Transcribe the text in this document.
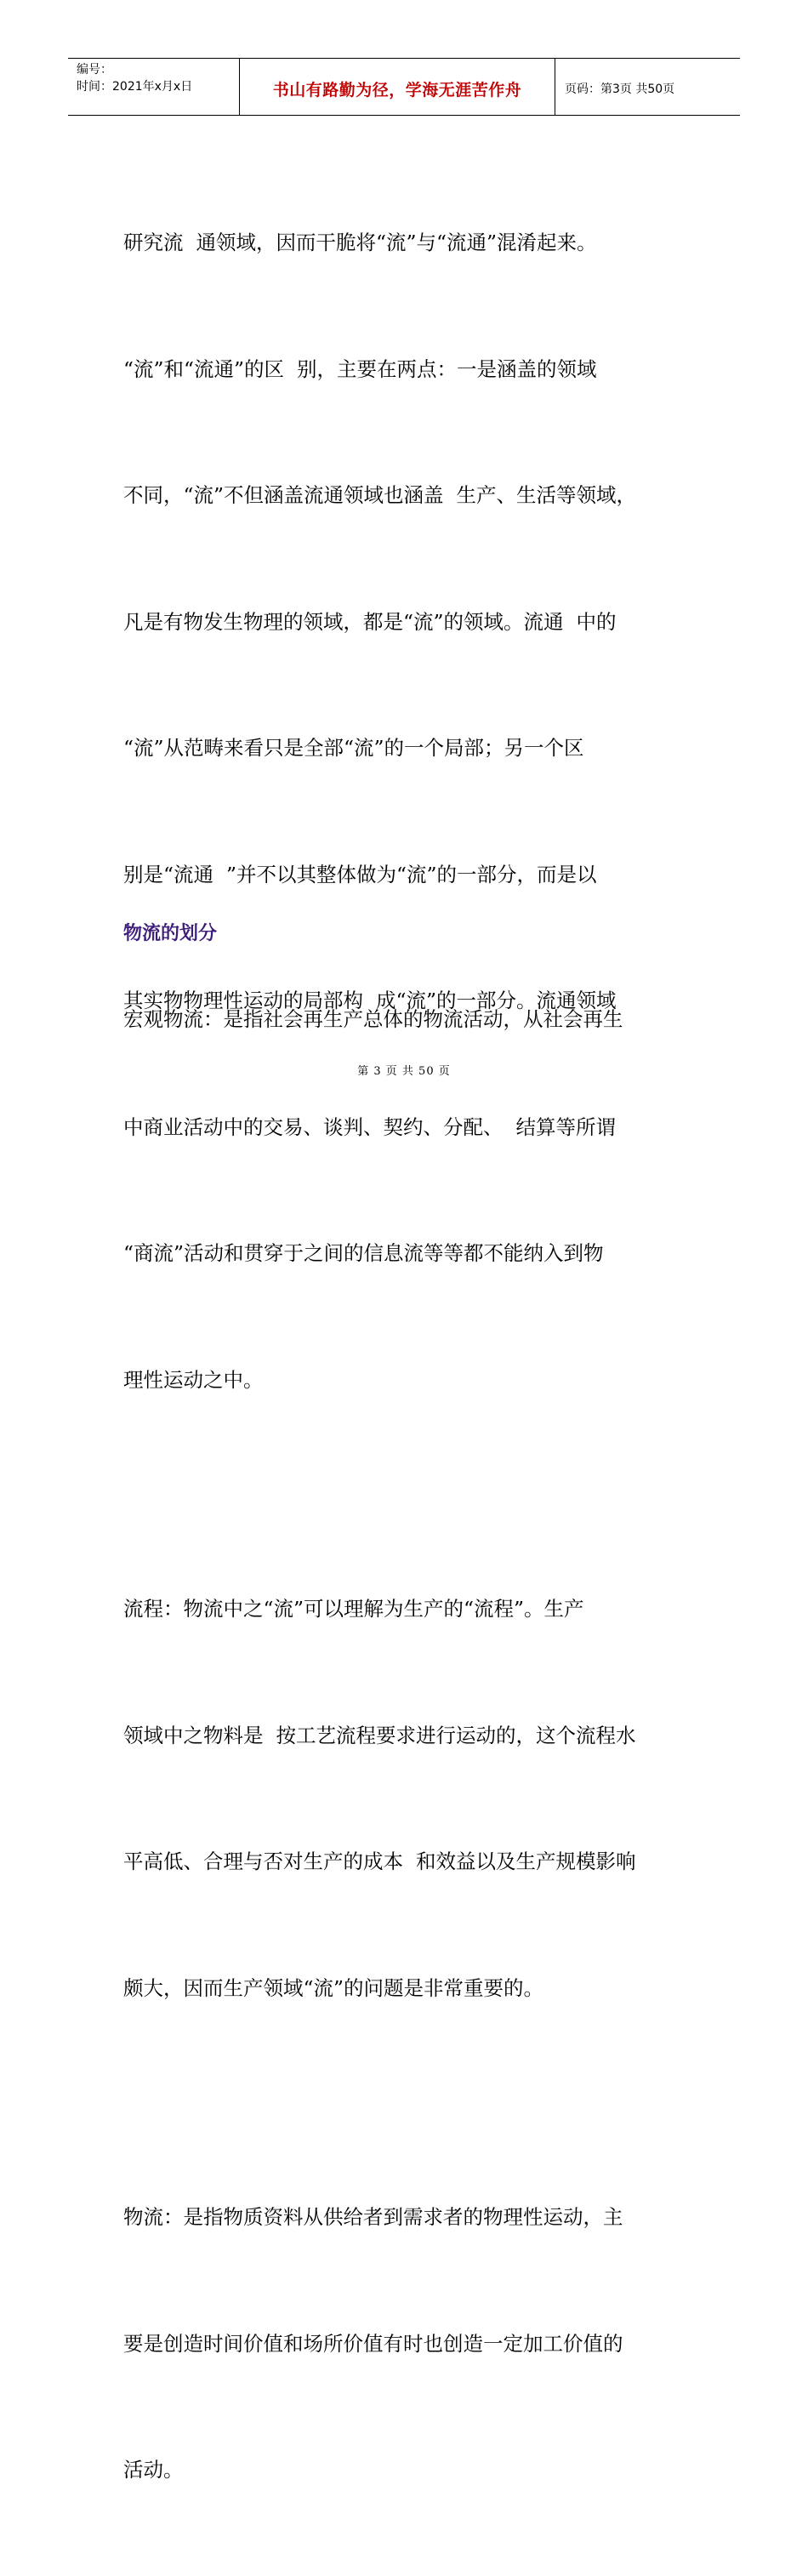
编号：
时间：2021年x月x日	书山有路勤为径，学海无涯苦作舟	页码：第3页 共50页

研究流  通领域，因而干脆将“流”与“流通”混淆起来。

“流”和“流通”的区  别，主要在两点：一是涵盖的领域

不同，“流”不但涵盖流通领域也涵盖  生产、生活等领域，

凡是有物发生物理的领域，都是“流”的领域。流通  中的

“流”从范畴来看只是全部“流”的一个局部；另一个区

别是“流通  ”并不以其整体做为“流”的一部分，而是以

其实物物理性运动的局部构  成“流”的一部分。流通领域

中商业活动中的交易、谈判、契约、分配、  结算等所谓

“商流”活动和贯穿于之间的信息流等等都不能纳入到物

理性运动之中。

流程：物流中之“流”可以理解为生产的“流程”。生产

领域中之物料是  按工艺流程要求进行运动的，这个流程水

平高低、合理与否对生产的成本  和效益以及生产规模影响

颇大，因而生产领域“流”的问题是非常重要的。

物流：是指物质资料从供给者到需求者的物理性运动，主

要是创造时间价值和场所价值有时也创造一定加工价值的

活动。

物流的划分

宏观物流：是指社会再生产总体的物流活动，从社会再生

第 3 页 共 50 页
